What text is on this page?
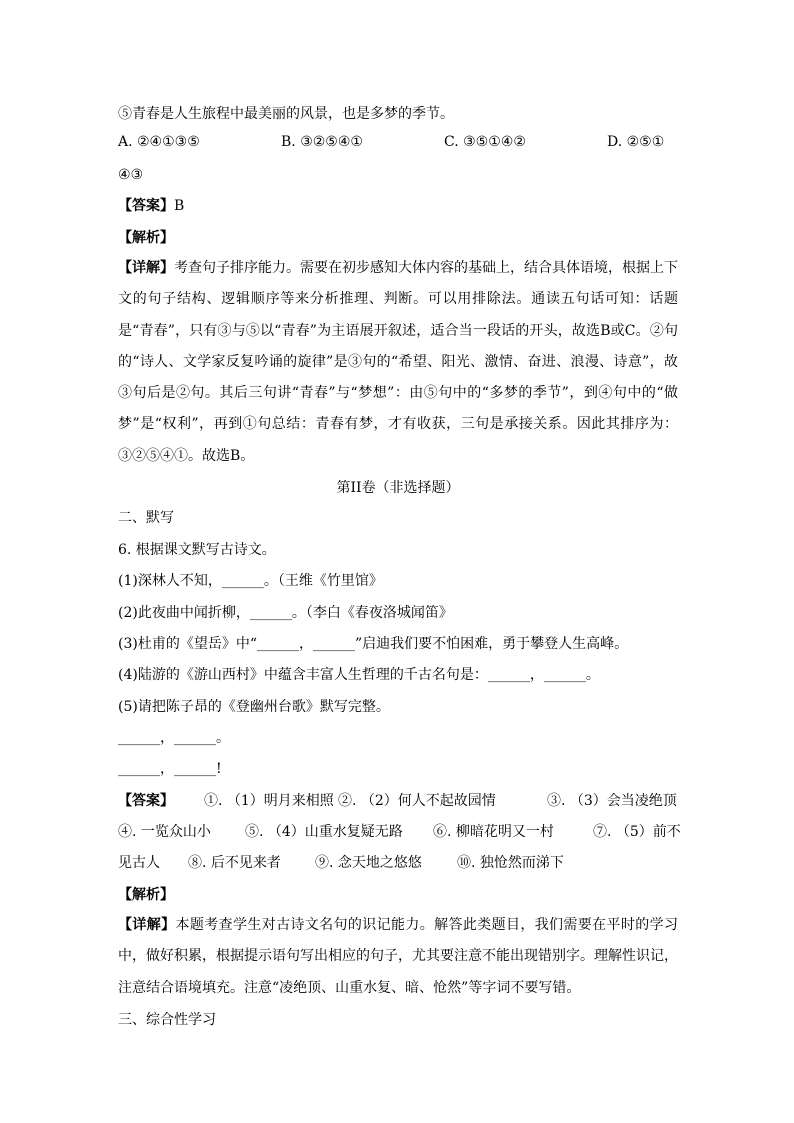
⑤青春是人生旅程中最美丽的风景，也是多梦的季节。
A. ②④①③⑤	B. ③②⑤④①	C. ③⑤①④②	D. ②⑤①
④③
【答案】B
【解析】
【详解】考查句子排序能力。需要在初步感知大体内容的基础上，结合具体语境，根据上下文的句子结构、逻辑顺序等来分析推理、判断。可以用排除法。通读五句话可知：话题是“青春”，只有③与⑤以“青春”为主语展开叙述，适合当一段话的开头，故选B或C。②句的“诗人、文学家反复吟诵的旋律”是③句的“希望、阳光、激情、奋进、浪漫、诗意”，故③句后是②句。其后三句讲“青春”与“梦想”：由⑤句中的“多梦的季节”，到④句中的“做梦”是“权利”，再到①句总结：青春有梦，才有收获，三句是承接关系。因此其排序为：③②⑤④①。故选B。
第II卷（非选择题）
二、默写
6. 根据课文默写古诗文。
(1)深林人不知，______。（王维《竹里馆》
(2)此夜曲中闻折柳，______。（李白《春夜洛城闻笛》
(3)杜甫的《望岳》中“______，______”启迪我们要不怕困难，勇于攀登人生高峰。
(4)陆游的《游山西村》中蕴含丰富人生哲理的千古名句是：______，______。
(5)请把陈子昂的《登幽州台歌》默写完整。
______，______。
______，______!
【答案】 ①. （1）明月来相照 ②. （2）何人不起故园情	③. （3）会当凌绝顶
④. 一览众山小 ⑤. （4）山重水复疑无路 ⑥. 柳暗花明又一村	⑦. （5）前不
见古人 ⑧. 后不见来者 ⑨. 念天地之悠悠	⑩. 独怆然而涕下
【解析】
【详解】本题考查学生对古诗文名句的识记能力。解答此类题目，我们需要在平时的学习中，做好积累，根据提示语句写出相应的句子，尤其要注意不能出现错别字。理解性识记，注意结合语境填充。注意“凌绝顶、山重水复、暗、怆然”等字词不要写错。
三、综合性学习
